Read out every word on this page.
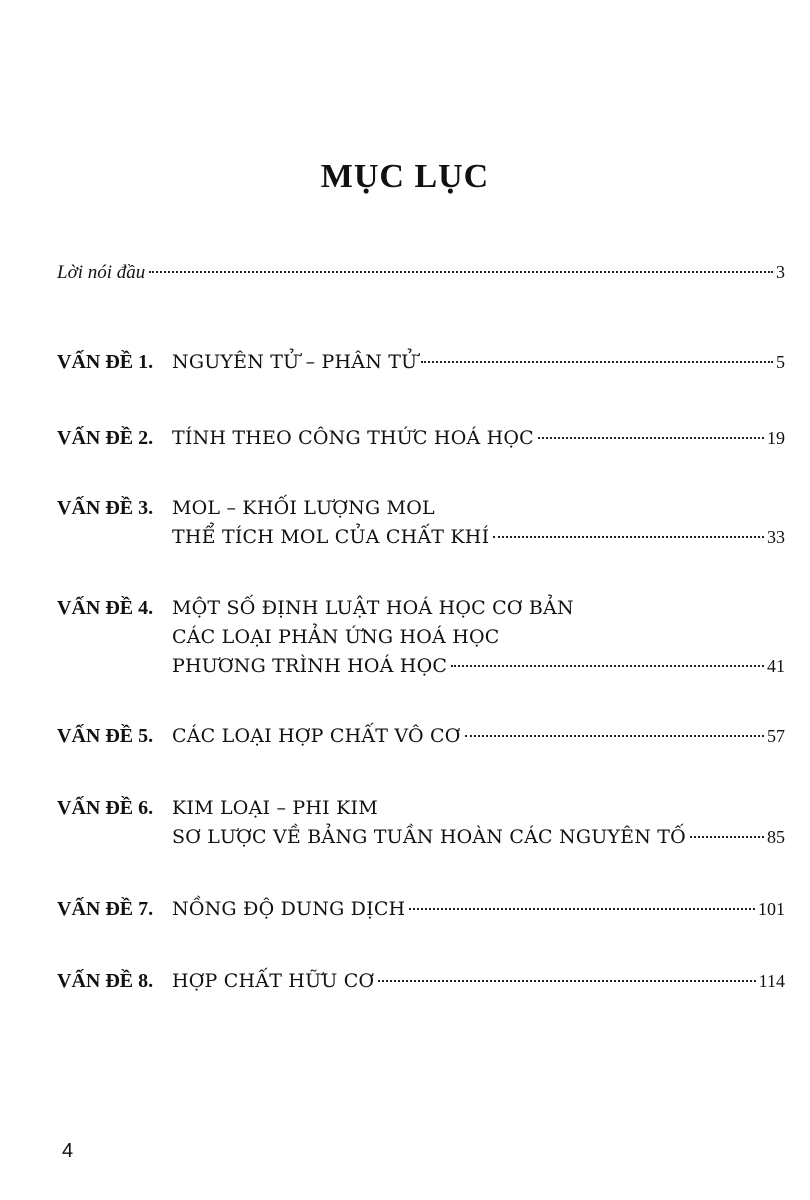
MỤC LỤC
Lời nói đầu	3
VẤN ĐỀ 1. NGUYÊN TỬ – PHÂN TỬ	5
VẤN ĐỀ 2. TÍNH THEO CÔNG THỨC HOÁ HỌC	19
VẤN ĐỀ 3. MOL – KHỐI LƯỢNG MOL
THỂ TÍCH MOL CỦA CHẤT KHÍ	33
VẤN ĐỀ 4. MỘT SỐ ĐỊNH LUẬT HOÁ HỌC CƠ BẢN
CÁC LOẠI PHẢN ỨNG HOÁ HỌC
PHƯƠNG TRÌNH HOÁ HỌC	41
VẤN ĐỀ 5. CÁC LOẠI HỢP CHẤT VÔ CƠ	57
VẤN ĐỀ 6. KIM LOẠI – PHI KIM
SƠ LƯỢC VỀ BẢNG TUẦN HOÀN CÁC NGUYÊN TỐ	85
VẤN ĐỀ 7. NỒNG ĐỘ DUNG DỊCH	101
VẤN ĐỀ 8. HỢP CHẤT HỮU CƠ	114
4
